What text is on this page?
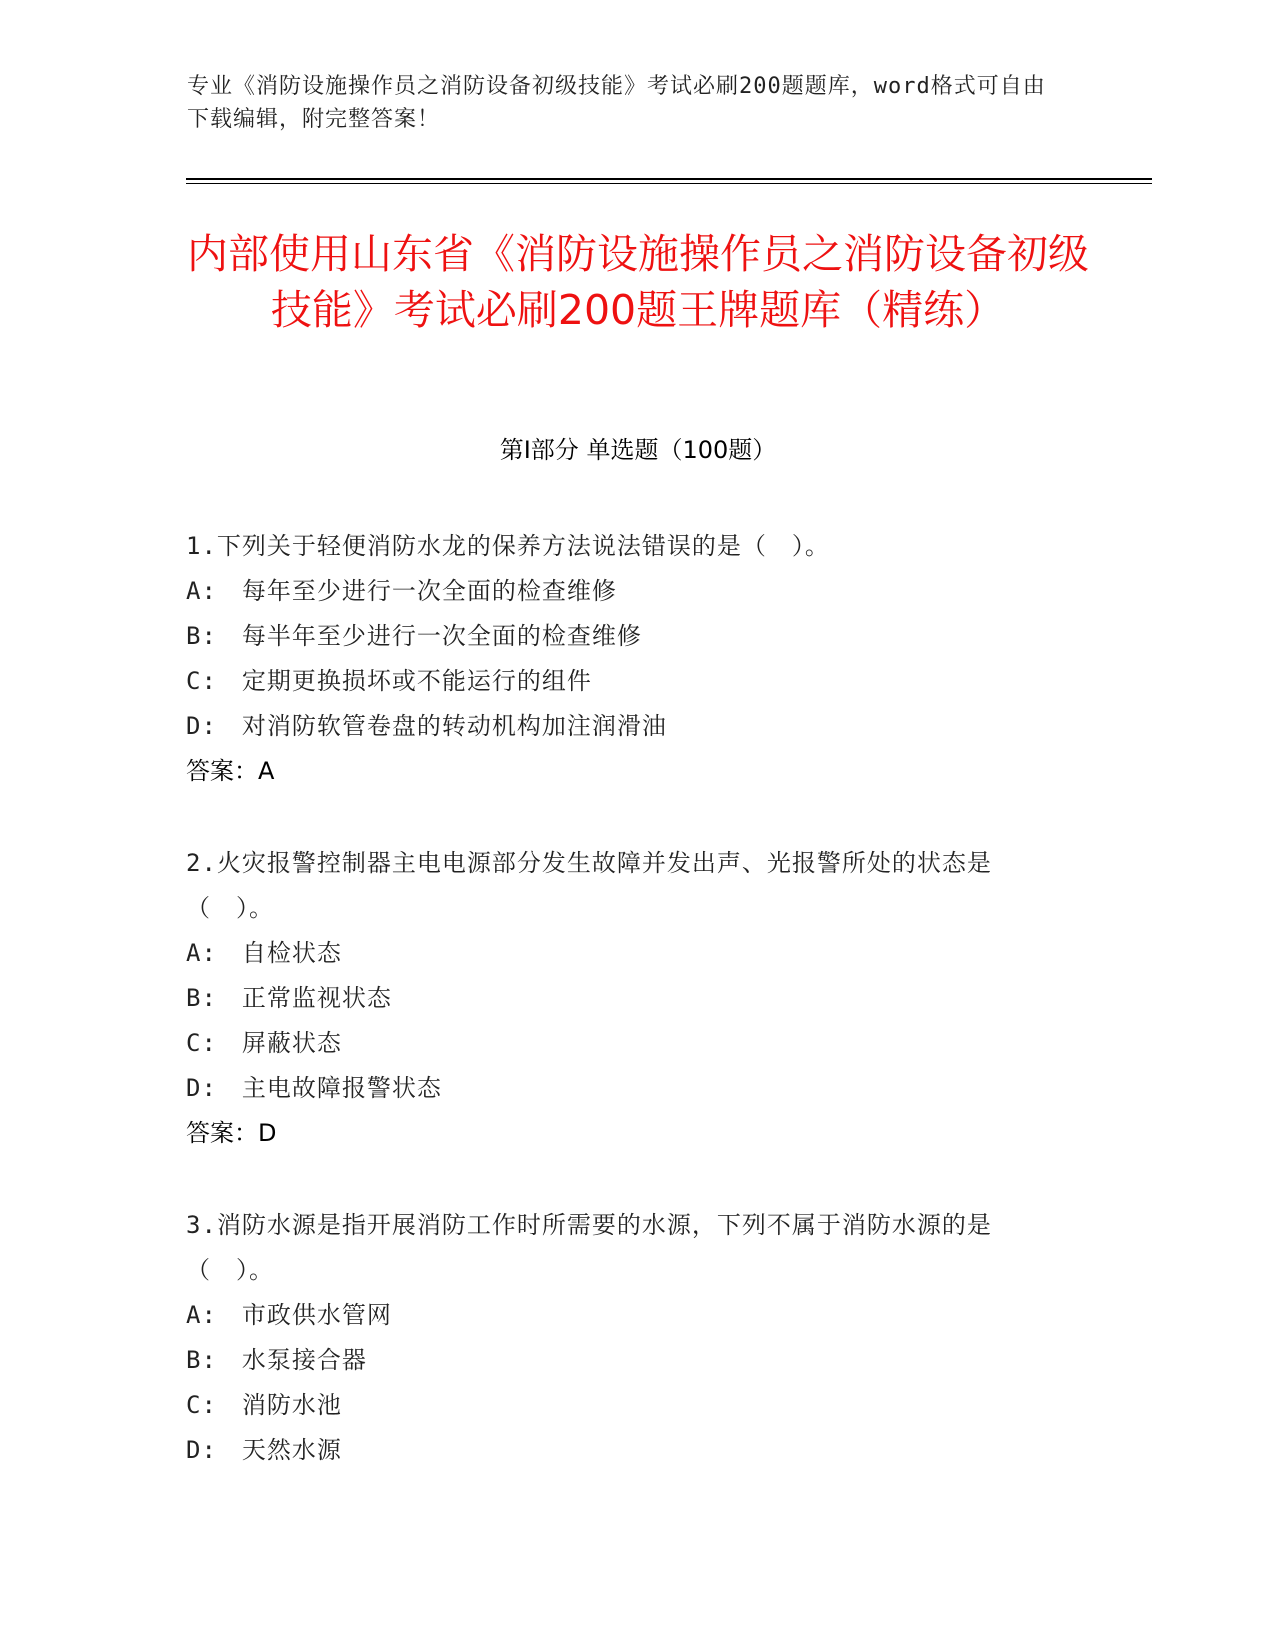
专业《消防设施操作员之消防设备初级技能》考试必刷200题题库，word格式可自由下载编辑，附完整答案！
内部使用山东省《消防设施操作员之消防设备初级技能》考试必刷200题王牌题库（精练）
第I部分 单选题（100题）
1.下列关于轻便消防水龙的保养方法说法错误的是（　）。
A:　每年至少进行一次全面的检查维修
B:　每半年至少进行一次全面的检查维修
C:　定期更换损坏或不能运行的组件
D:　对消防软管卷盘的转动机构加注润滑油
答案：A
2.火灾报警控制器主电电源部分发生故障并发出声、光报警所处的状态是（　）。
A:　自检状态
B:　正常监视状态
C:　屏蔽状态
D:　主电故障报警状态
答案：D
3.消防水源是指开展消防工作时所需要的水源，下列不属于消防水源的是（　）。
A:　市政供水管网
B:　水泵接合器
C:　消防水池
D:　天然水源
